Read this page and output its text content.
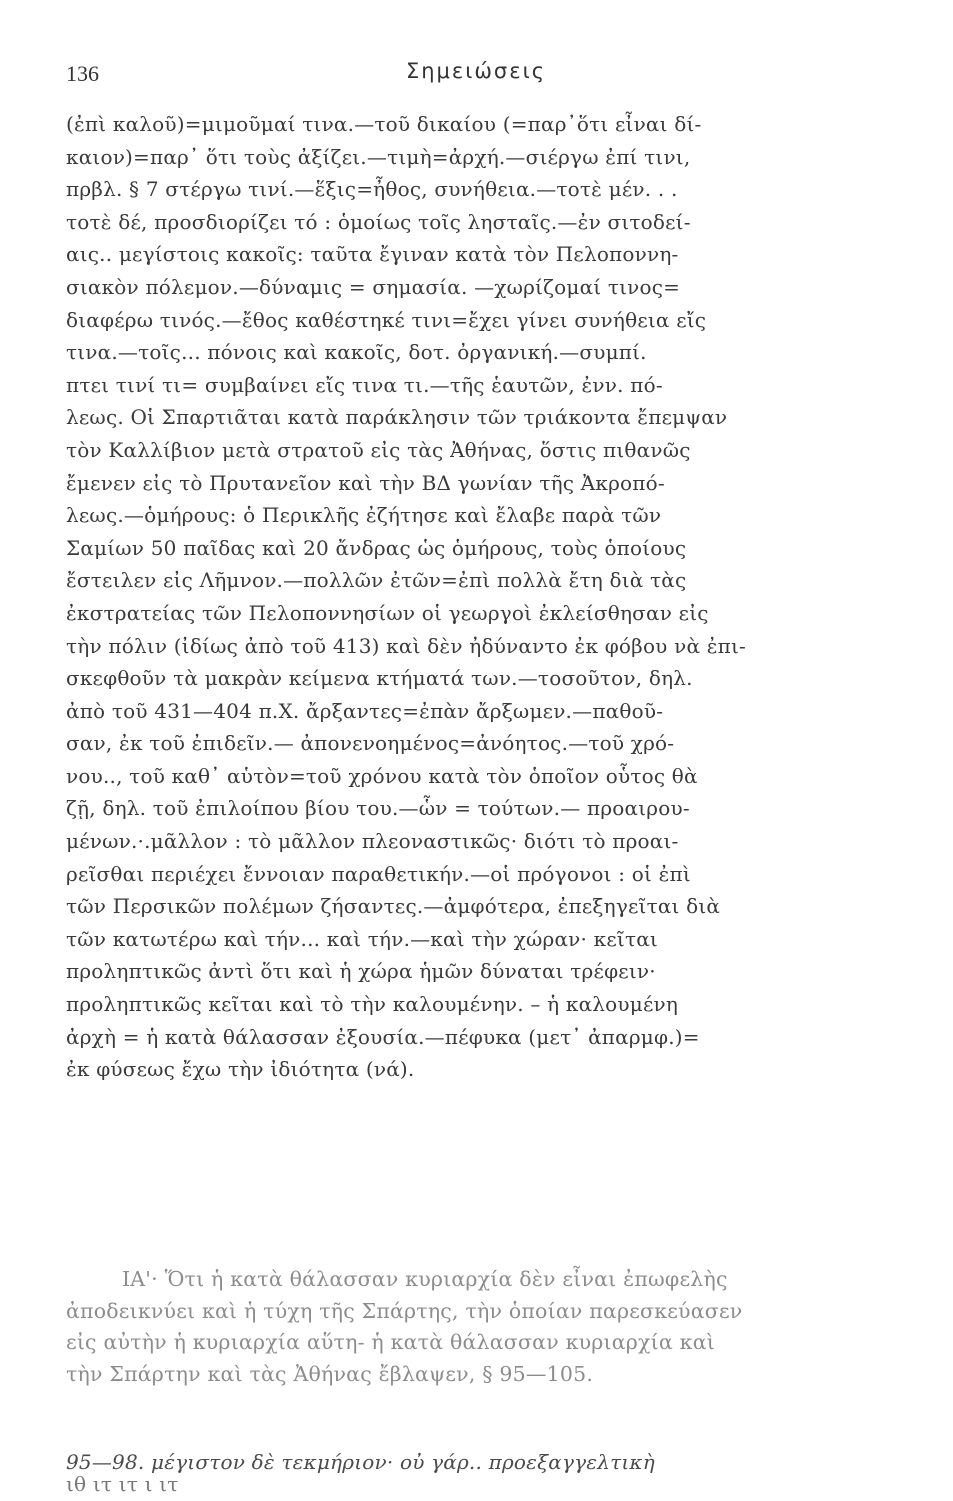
136	Σημειώσεις
(ἐπὶ καλοῦ)=μιμοῦμαί τινα.—τοῦ δικαίου (=παρ᾽ὅτι εἶναι δί-
καιον)=παρ᾽ ὅτι τοὺς ἀξίζει.—τιμὴ=ἀρχή.—σιέργω ἐπί τινι,
πρβλ. § 7 στέργω τινί.—ἕξις=ἦθος, συνήθεια.—τοτὲ μέν. . .
τοτὲ δέ, προσδιορίζει τό : ὁμοίως τοῖς λησταῖς.—ἐν σιτοδεί-
αις.. μεγίστοις κακοῖς: ταῦτα ἔγιναν κατὰ τὸν Πελοποννη-
σιακὸν πόλεμον.—δύναμις = σημασία. —χωρίζομαί τινος=
διαφέρω τινός.—ἔθος καθέστηκέ τινι=ἔχει γίνει συνήθεια εἴς
τινα.—τοῖς... πόνοις καὶ κακοῖς, δοτ. ὀργανική.—συμπί.
πτει τινί τι= συμβαίνει εἴς τινα τι.—τῆς ἑαυτῶν, ἐνν. πό-
λεως. Οἱ Σπαρτιᾶται κατὰ παράκλησιν τῶν τριάκοντα ἔπεμψαν
τὸν Καλλίβιον μετὰ στρατοῦ εἰς τὰς Ἀθήνας, ὅστις πιθανῶς
ἔμενεν εἰς τὸ Πρυτανεῖον καὶ τὴν ΒΔ γωνίαν τῆς Ἀκροπό-
λεως.—ὁμήρους: ὁ Περικλῆς ἐζήτησε καὶ ἔλαβε παρὰ τῶν
Σαμίων 50 παῖδας καὶ 20 ἄνδρας ὡς ὁμήρους, τοὺς ὁποίους
ἔστειλεν εἰς Λῆμνον.—πολλῶν ἐτῶν=ἐπὶ πολλὰ ἔτη διὰ τὰς
ἐκστρατείας τῶν Πελοποννησίων οἱ γεωργοὶ ἐκλείσθησαν εἰς
τὴν πόλιν (ἰδίως ἀπὸ τοῦ 413) καὶ δὲν ἠδύναντο ἐκ φόβου νὰ ἐπι-
σκεφθοῦν τὰ μακρὰν κείμενα κτήματά των.—τοσοῦτον, δηλ.
ἀπὸ τοῦ 431—404 π.Χ. ἄρξαντες=ἐπὰν ἄρξωμεν.—παθοῦ-
σαν, ἐκ τοῦ ἐπιδεῖν.— ἀπονενοημένος=ἀνόητος.—τοῦ χρό-
νου.., τοῦ καθ᾽ αὑτὸν=τοῦ χρόνου κατὰ τὸν ὁποῖον οὗτος θὰ
ζῇ, δηλ. τοῦ ἐπιλοίπου βίου του.—ὧν = τούτων.— προαιρου-
μένων.·.μᾶλλον : τὸ μᾶλλον πλεοναστικῶς· διότι τὸ προαι-
ρεῖσθαι περιέχει ἔννοιαν παραθετικήν.—οἱ πρόγονοι : οἱ ἐπὶ
τῶν Περσικῶν πολέμων ζήσαντες.—ἀμφότερα, ἐπεξηγεῖται διὰ
τῶν κατωτέρω καὶ τήν... καὶ τήν.—καὶ τὴν χώραν· κεῖται
προληπτικῶς ἀντὶ ὅτι καὶ ἡ χώρα ἡμῶν δύναται τρέφειν·
προληπτικῶς κεῖται καὶ τὸ τὴν καλουμένην. – ἡ καλουμένη
ἀρχὴ = ἡ κατὰ θάλασσαν ἐξουσία.—πέφυκα (μετ᾽ ἀπαρμφ.)=
ἐκ φύσεως ἔχω τὴν ἰδιότητα (νά).
ΙΑ'· Ὅτι ἡ κατὰ θάλασσαν κυριαρχία δὲν εἶναι ἐπωφελὴς
ἀποδεικνύει καὶ ἡ τύχη τῆς Σπάρτης, τὴν ὁποίαν παρεσκεύασεν
εἰς αὐτὴν ἡ κυριαρχία αὕτη- ἡ κατὰ θάλασσαν κυριαρχία καὶ
τὴν Σπάρτην καὶ τὰς Ἀθήνας ἔβλαψεν, § 95—105.
95—98. μέγιστον δὲ τεκμήριον· οὐ γάρ.. προεξαγγελτικὴ
ιθ ιτ ιτ ι ιτ
